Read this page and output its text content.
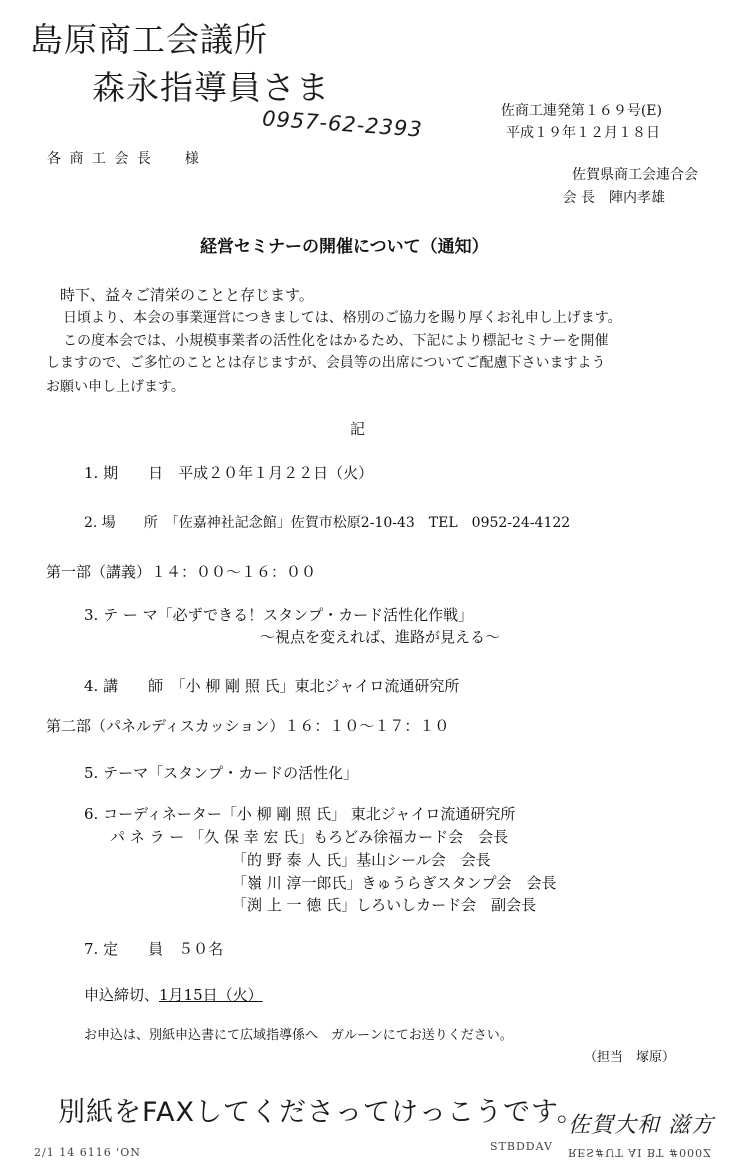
島原商工会議所
森永指導員さま
0957-62-2393	佐商工連発第１６９号(E)
平成１９年１２月１８日
各 商 工 会 長　　様
佐賀県商工会連合会
会 長　陣内孝雄
経営セミナーの開催について（通知）
時下、益々ご清栄のことと存じます。
日頃より、本会の事業運営につきましては、格別のご協力を賜り厚くお礼申し上げます。
この度本会では、小規模事業者の活性化をはかるため、下記により標記セミナーを開催
しますので、ご多忙のこととは存じますが、会員等の出席についてご配慮下さいますよう
お願い申し上げます。
記
1. 期　　日　平成２０年１月２２日（火）
2. 場　　所　「佐嘉神社記念館」佐賀市松原2-10-43　TEL　0952-24-4122
第一部（講義）１４：００〜１６：００
3. テ ー マ「必ずできる！スタンプ・カード活性化作戦」
〜視点を変えれば、進路が見える〜
4. 講　　師　「小 柳 剛 照 氏」東北ジャイロ流通研究所
第二部（パネルディスカッション）１６：１０〜１７：１０
5. テーマ「スタンプ・カードの活性化」
6. コーディネーター「小 柳 剛 照 氏」 東北ジャイロ流通研究所
パ ネ ラ ー 「久 保 幸 宏 氏」もろどみ徐福カード会　会長
「的 野 泰 人 氏」基山シール会　会長
「嶺 川 淳一郎氏」きゅうらぎスタンプ会　会長
「渕 上 一 徳 氏」しろいしカード会　副会長
7. 定　　員　５０名
申込締切、1月15日（火）
お申込は、別紙申込書にて広域指導係へ　ガルーンにてお送りください。
（担当　塚原）
別紙をFAXしてくださってけっこうです。
佐賀大和 滋方
2/1 14 6116 'ON	STBDDAV RES#UT AI BT #000Z
